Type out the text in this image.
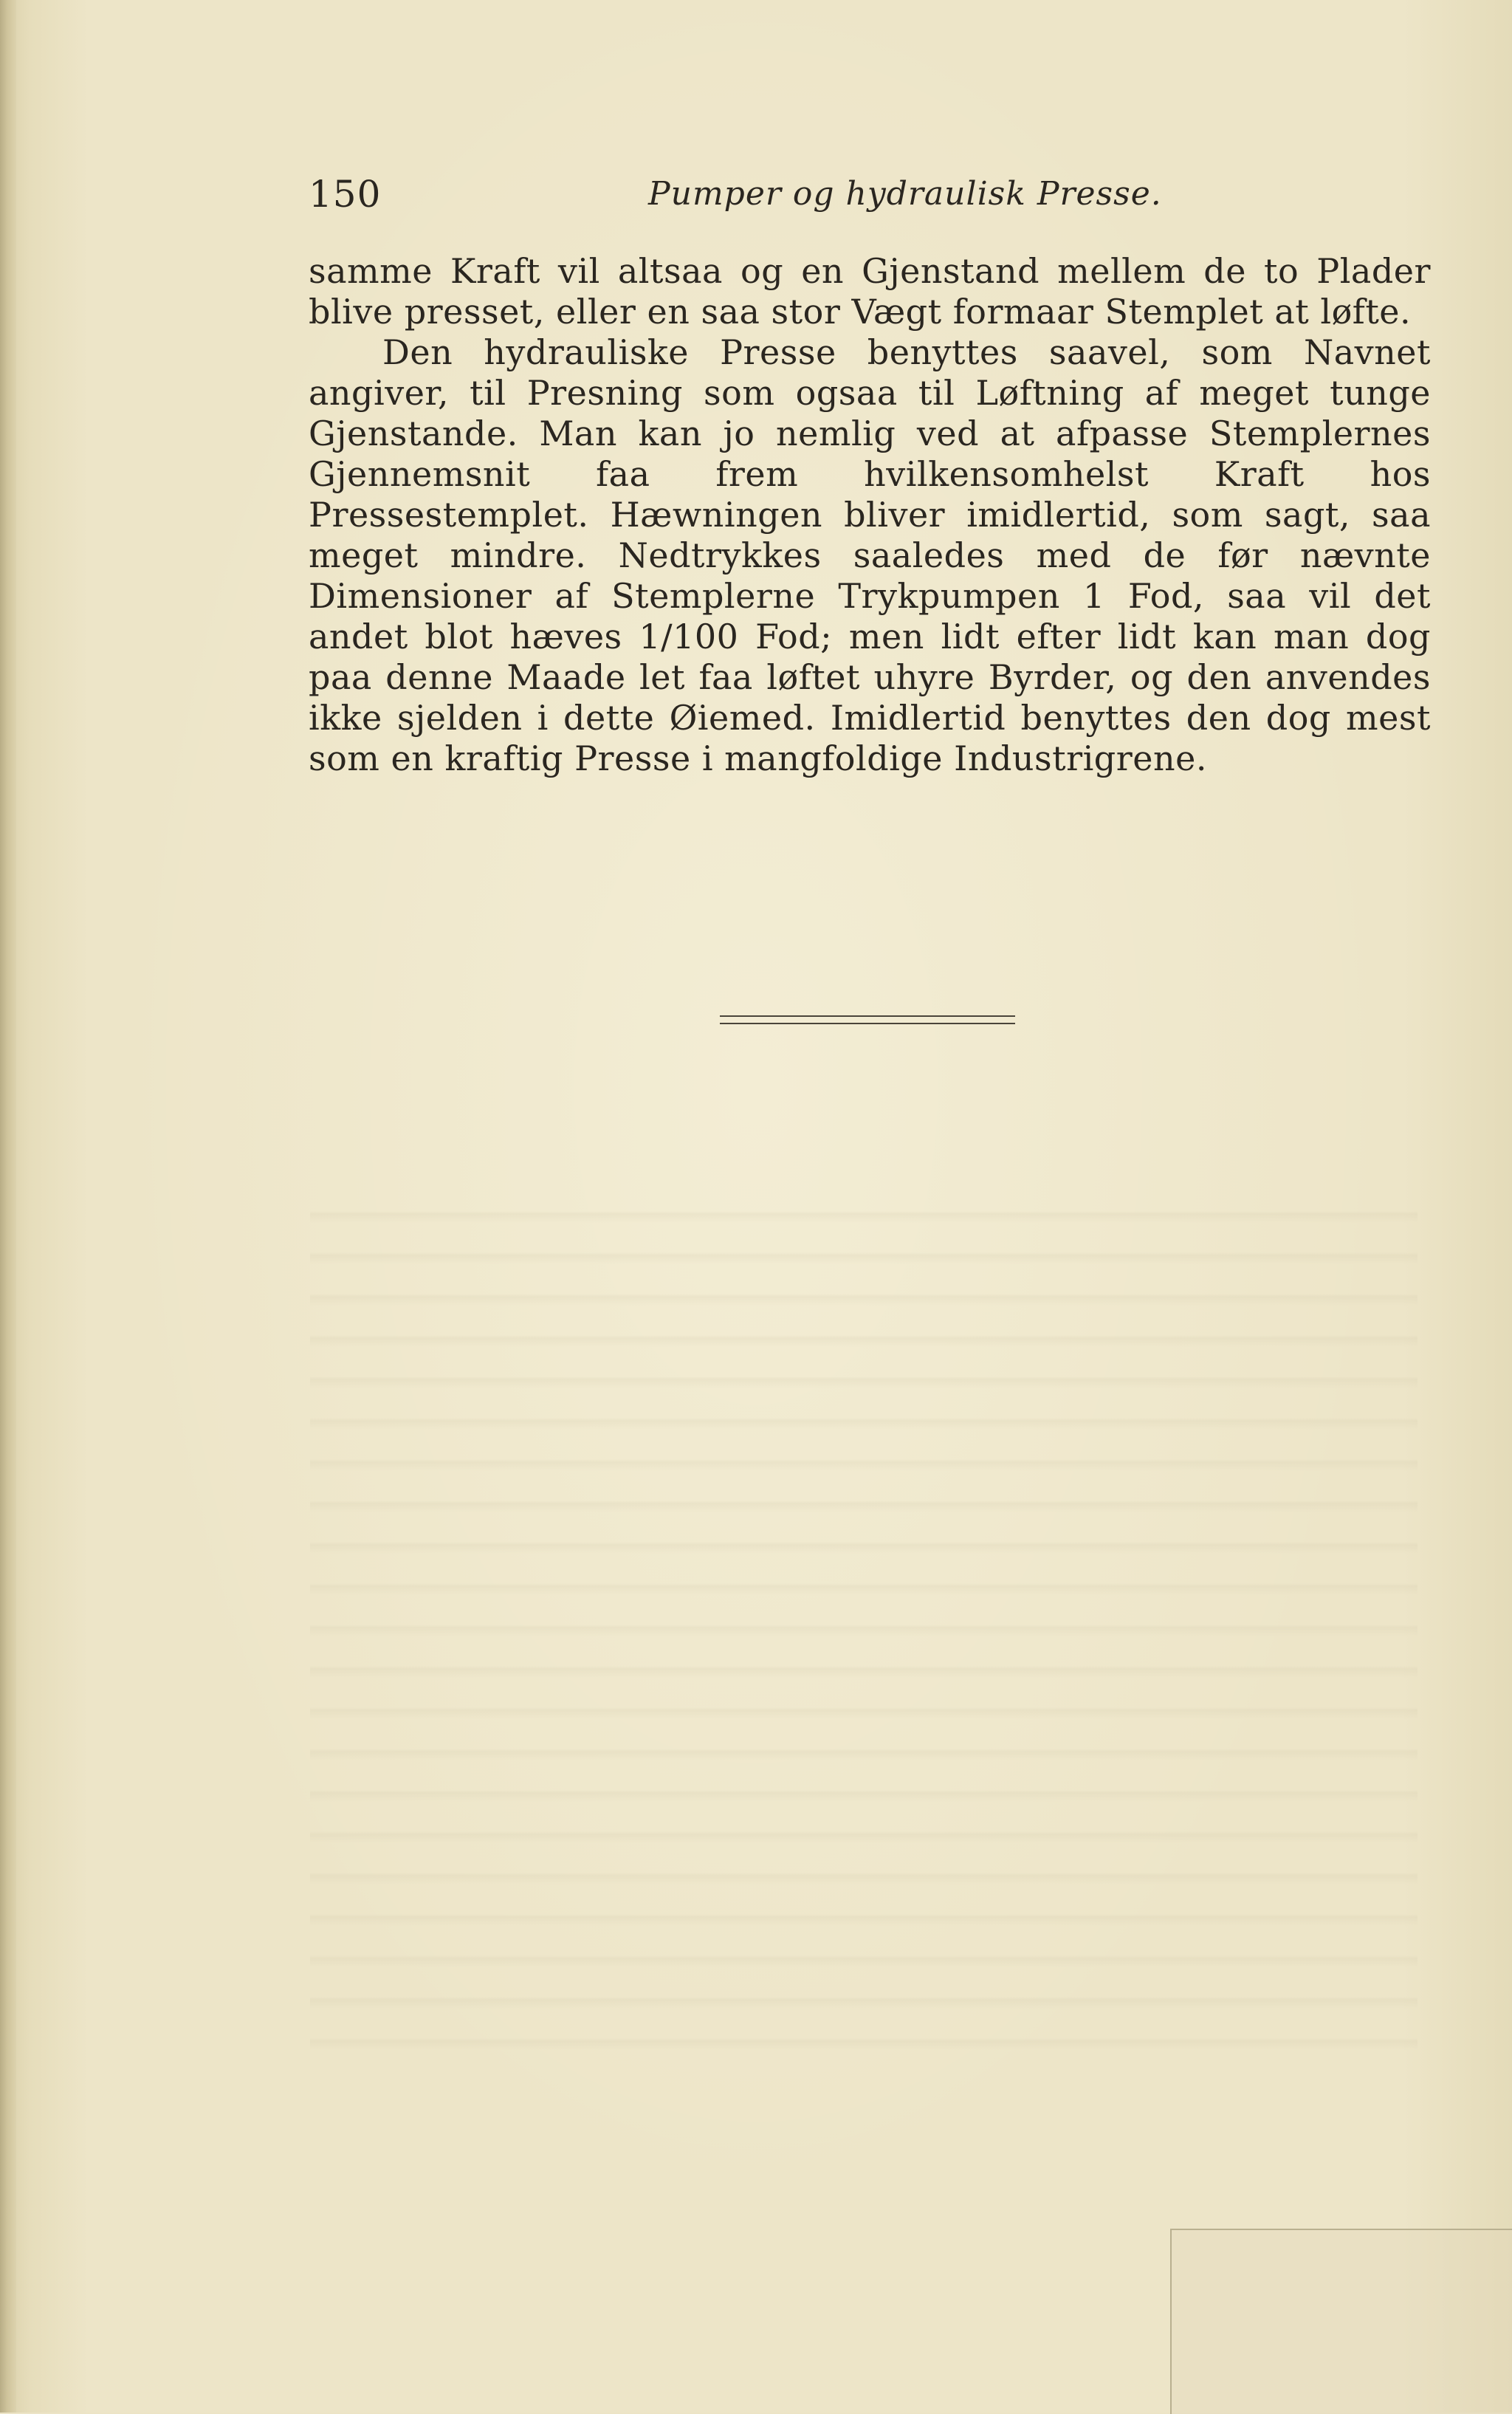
150	Pumper og hydraulisk Presse.

samme Kraft vil altsaa og en Gjenstand mellem de to Plader blive presset, eller en saa stor Vægt formaar Stemplet at løfte.

Den hydrauliske Presse benyttes saavel, som Navnet angiver, til Presning som ogsaa til Løftning af meget tunge Gjenstande. Man kan jo nemlig ved at afpasse Stemplernes Gjennemsnit faa frem hvilkensomhelst Kraft hos Pressestemplet. Hæwningen bliver imidlertid, som sagt, saa meget mindre. Nedtrykkes saaledes med de før nævnte Dimensioner af Stemplerne Trykpumpen 1 Fod, saa vil det andet blot hæves 1/100 Fod; men lidt efter lidt kan man dog paa denne Maade let faa løftet uhyre Byrder, og den anvendes ikke sjelden i dette Øiemed. Imidlertid benyttes den dog mest som en kraftig Presse i mangfoldige Industrigrene.
